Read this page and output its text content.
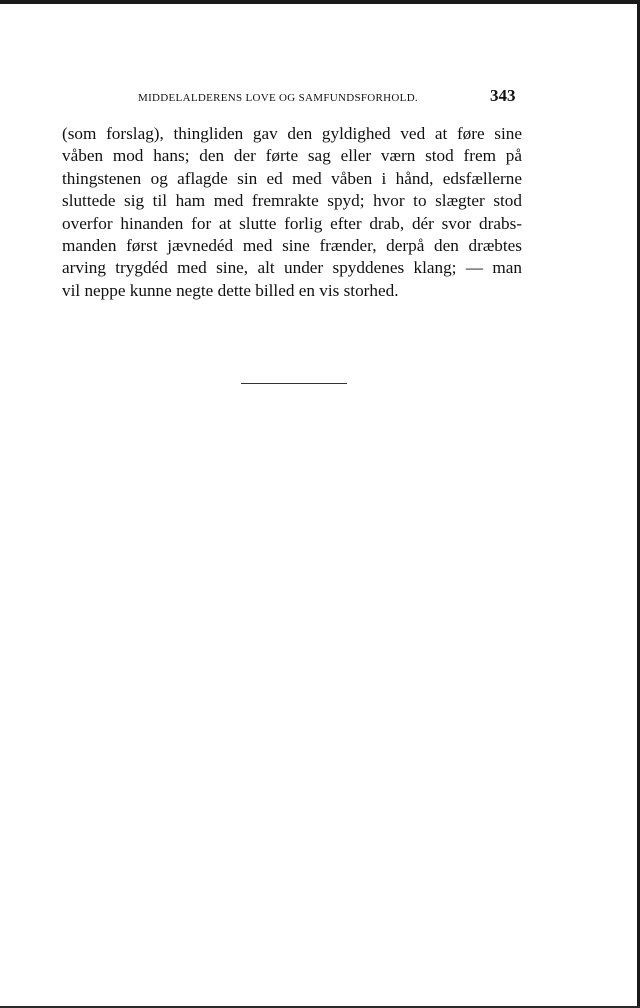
MIDDELALDERENS LOVE OG SAMFUNDSFORHOLD.	343
(som forslag), thingliden gav den gyldighed ved at føre sine
våben mod hans; den der førte sag eller værn stod frem på
thingstenen og aflagde sin ed med våben i hånd, edsfællerne
sluttede sig til ham med fremrakte spyd; hvor to slægter stod
overfor hinanden for at slutte forlig efter drab, dér svor drabs-
manden først jævnedéd med sine frænder, derpå den dræbtes
arving trygdéd med sine, alt under spyddenes klang; — man
vil neppe kunne negte dette billed en vis storhed.
